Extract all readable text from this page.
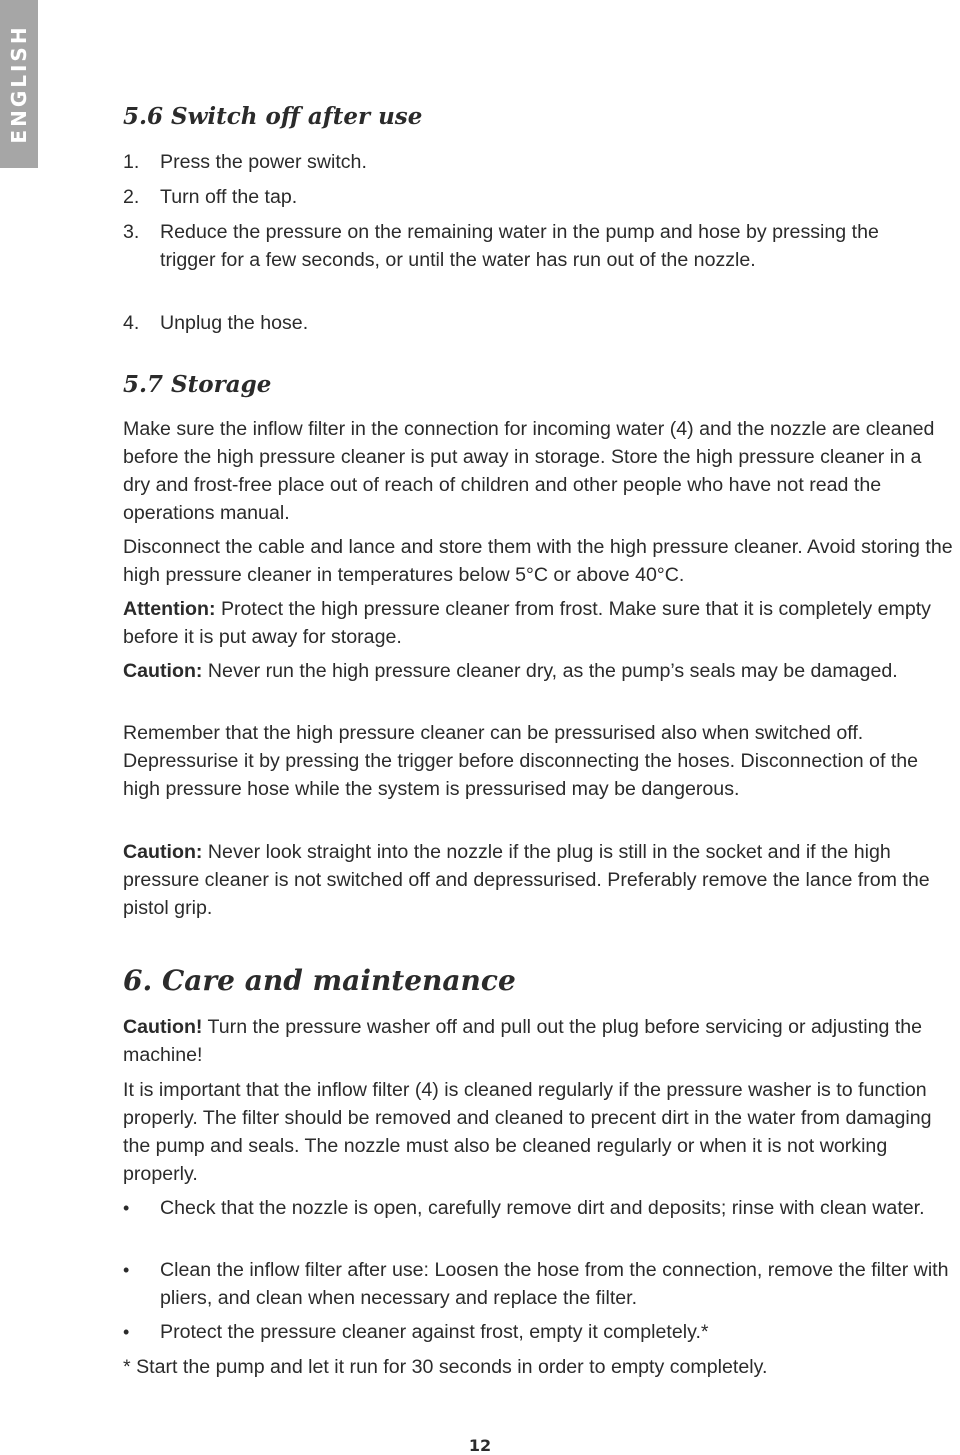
ENGLISH	5.6 Switch off after use
1. Press the power switch.
2. Turn off the tap.
3. Reduce the pressure on the remaining water in the pump and hose by pressing the trigger for a few seconds, or until the water has run out of the nozzle.
4. Unplug the hose.
5.7 Storage

Make sure the inflow filter in the connection for incoming water (4) and the nozzle are cleaned before the high pressure cleaner is put away in storage. Store the high pressure cleaner in a dry and frost-free place out of reach of children and other people who have not read the operations manual.

Disconnect the cable and lance and store them with the high pressure cleaner. Avoid storing the high pressure cleaner in temperatures below 5°C or above 40°C.

Attention: Protect the high pressure cleaner from frost. Make sure that it is completely empty before it is put away for storage.

Caution: Never run the high pressure cleaner dry, as the pump’s seals may be damaged.

Remember that the high pressure cleaner can be pressurised also when switched off. Depressurise it by pressing the trigger before disconnecting the hoses. Disconnection of the high pressure hose while the system is pressurised may be dangerous.

Caution: Never look straight into the nozzle if the plug is still in the socket and if the high pressure cleaner is not switched off and depressurised. Preferably remove the lance from the pistol grip.

6. Care and maintenance

Caution! Turn the pressure washer off and pull out the plug before servicing or adjusting the machine!

It is important that the inflow filter (4) is cleaned regularly if the pressure washer is to function properly. The filter should be removed and cleaned to precent dirt in the water from damaging the pump and seals. The nozzle must also be cleaned regularly or when it is not working properly.

• Check that the nozzle is open, carefully remove dirt and deposits; rinse with clean water.
• Clean the inflow filter after use: Loosen the hose from the connection, remove the filter with pliers, and clean when necessary and replace the filter.
• Protect the pressure cleaner against frost, empty it completely.*

* Start the pump and let it run for 30 seconds in order to empty completely.

12
